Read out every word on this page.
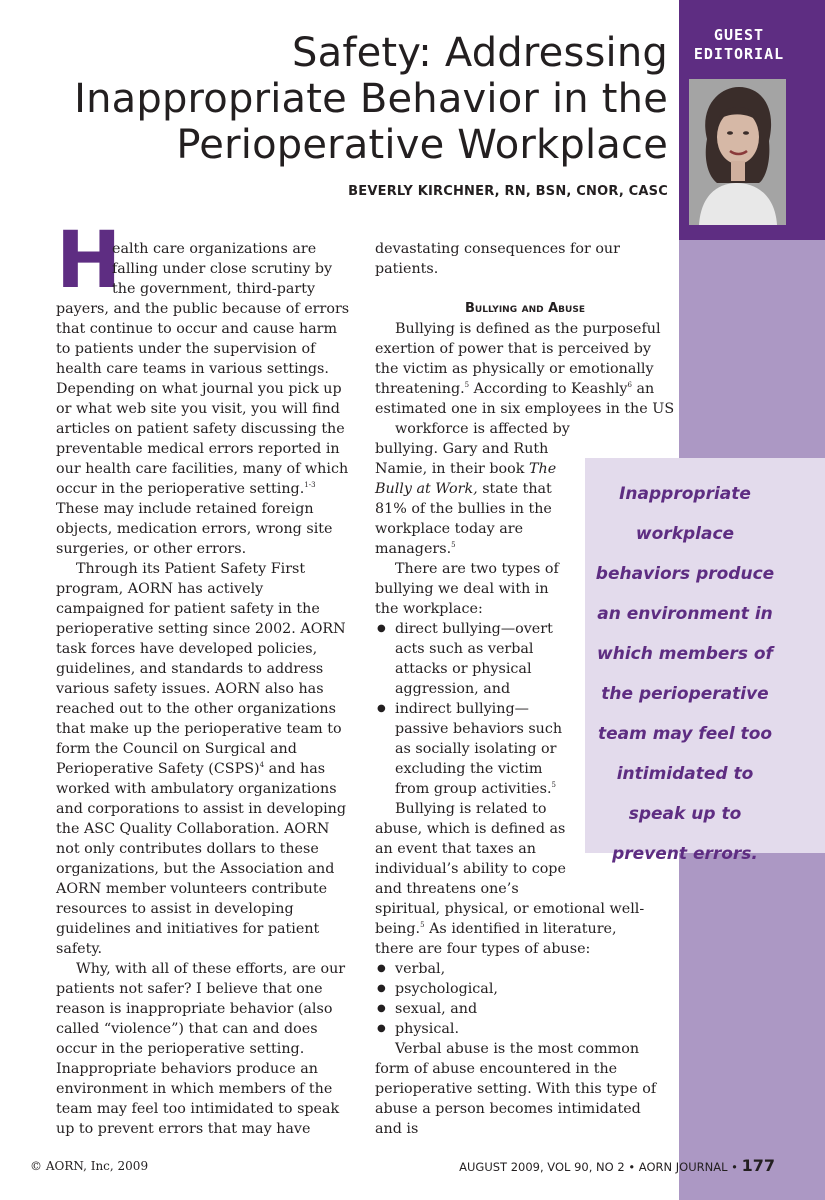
GUEST
EDITORIAL

Safety: Addressing
Inappropriate Behavior in the
Perioperative Workplace

BEVERLY KIRCHNER, RN, BSN, CNOR, CASC

H

ealth care organizations are
falling under close scrutiny by
the government, third-party
payers, and the public because of errors that continue to occur and cause harm to patients under the supervision of health care teams in various settings. Depending on what journal you pick up or what web site you visit, you will find articles on patient safety discussing the preventable medical errors reported in our health care facilities, many of which occur in the perioperative setting.$^{1-3}$ These may include retained foreign objects, medication errors, wrong site surgeries, or other errors.

Through its Patient Safety First program, AORN has actively campaigned for patient safety in the perioperative setting since 2002. AORN task forces have developed policies, guidelines, and standards to address various safety issues. AORN also has reached out to the other organizations that make up the perioperative team to form the Council on Surgical and Perioperative Safety (CSPS)$^4$ and has worked with ambulatory organizations and corporations to assist in developing the ASC Quality Collaboration. AORN not only contributes dollars to these organizations, but the Association and AORN member volunteers contribute resources to assist in developing guidelines and initiatives for patient safety.

Why, with all of these efforts, are our patients not safer? I believe that one reason is inappropriate behavior (also called “violence”) that can and does occur in the perioperative setting. Inappropriate behaviors produce an environment in which members of the team may feel too intimidated to speak up to prevent errors that may have

devastating consequences for our patients.

Bullying and Abuse

Bullying is defined as the purposeful exertion of power that is perceived by the victim as physically or emotionally threatening.$^5$ According to Keashly$^6$ an estimated one in six employees in the US

workforce is affected by

bullying. Gary and Ruth

Namie, in their book The Bully at Work, state that 81% of the bullies in the workplace today are managers.$^5$

There are two types of bullying we deal with in the workplace:

● direct bullying—overt acts such as verbal attacks or physical aggression, and

● indirect bullying—passive behaviors such as socially isolating or excluding the victim from group activities.$^5$

Bullying is related to abuse, which is defined as an event that taxes an individual’s ability to cope and threatens one’s

spiritual, physical, or emotional well-being.$^5$ As identified in literature, there are four types of abuse:

● verbal,

● psychological,

● sexual, and

● physical.

Verbal abuse is the most common form of abuse encountered in the perioperative setting. With this type of abuse a person becomes intimidated and is

Inappropriate workplace behaviors produce an environment in which members of the perioperative team may feel too intimidated to speak up to prevent errors.

© AORN, Inc, 2009	AUGUST 2009, VOL 90, NO 2 • AORN JOURNAL • 177
